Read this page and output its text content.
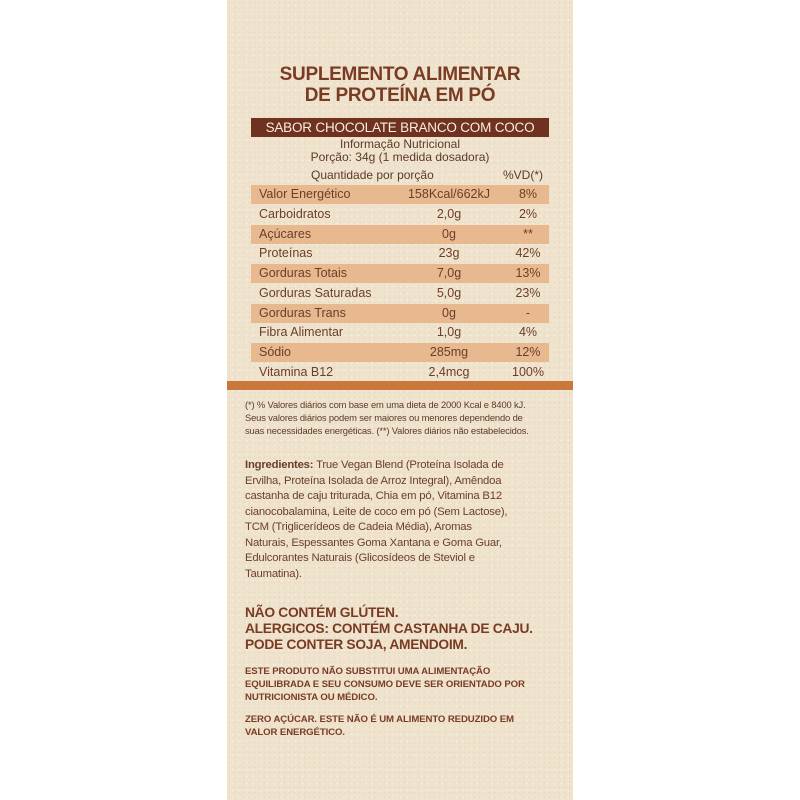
SUPLEMENTO ALIMENTAR
DE PROTEÍNA EM PÓ
SABOR CHOCOLATE BRANCO COM COCO
Informação Nutricional
Porção: 34g (1 medida dosadora)
Quantidade por porção	%VD(*)
Valor Energético	158Kcal/662kJ	8%
Carboidratos	2,0g	2%
Açúcares	0g	**
Proteínas	23g	42%
Gorduras Totais	7,0g	13%
Gorduras Saturadas	5,0g	23%
Gorduras Trans	0g	-
Fibra Alimentar	1,0g	4%
Sódio	285mg	12%
Vitamina B12	2,4mcg	100%
(*) % Valores diários com base em uma dieta de 2000 Kcal e 8400 kJ.
Seus valores diários podem ser maiores ou menores dependendo de
suas necessidades energéticas. (**) Valores diários não estabelecidos.
Ingredientes: True Vegan Blend (Proteína Isolada de
Ervilha, Proteína Isolada de Arroz Integral), Amêndoa
castanha de caju triturada, Chia em pó, Vitamina B12
cianocobalamina, Leite de coco em pó (Sem Lactose),
TCM (Triglicerídeos de Cadeia Média), Aromas
Naturais, Espessantes Goma Xantana e Goma Guar,
Edulcorantes Naturais (Glicosídeos de Steviol e
Taumatina).
NÃO CONTÉM GLÚTEN.
ALERGICOS: CONTÉM CASTANHA DE CAJU.
PODE CONTER SOJA, AMENDOIM.
ESTE PRODUTO NÃO SUBSTITUI UMA ALIMENTAÇÃO
EQUILIBRADA E SEU CONSUMO DEVE SER ORIENTADO POR
NUTRICIONISTA OU MÉDICO.
ZERO AÇÚCAR. ESTE NÃO É UM ALIMENTO REDUZIDO EM
VALOR ENERGÉTICO.
